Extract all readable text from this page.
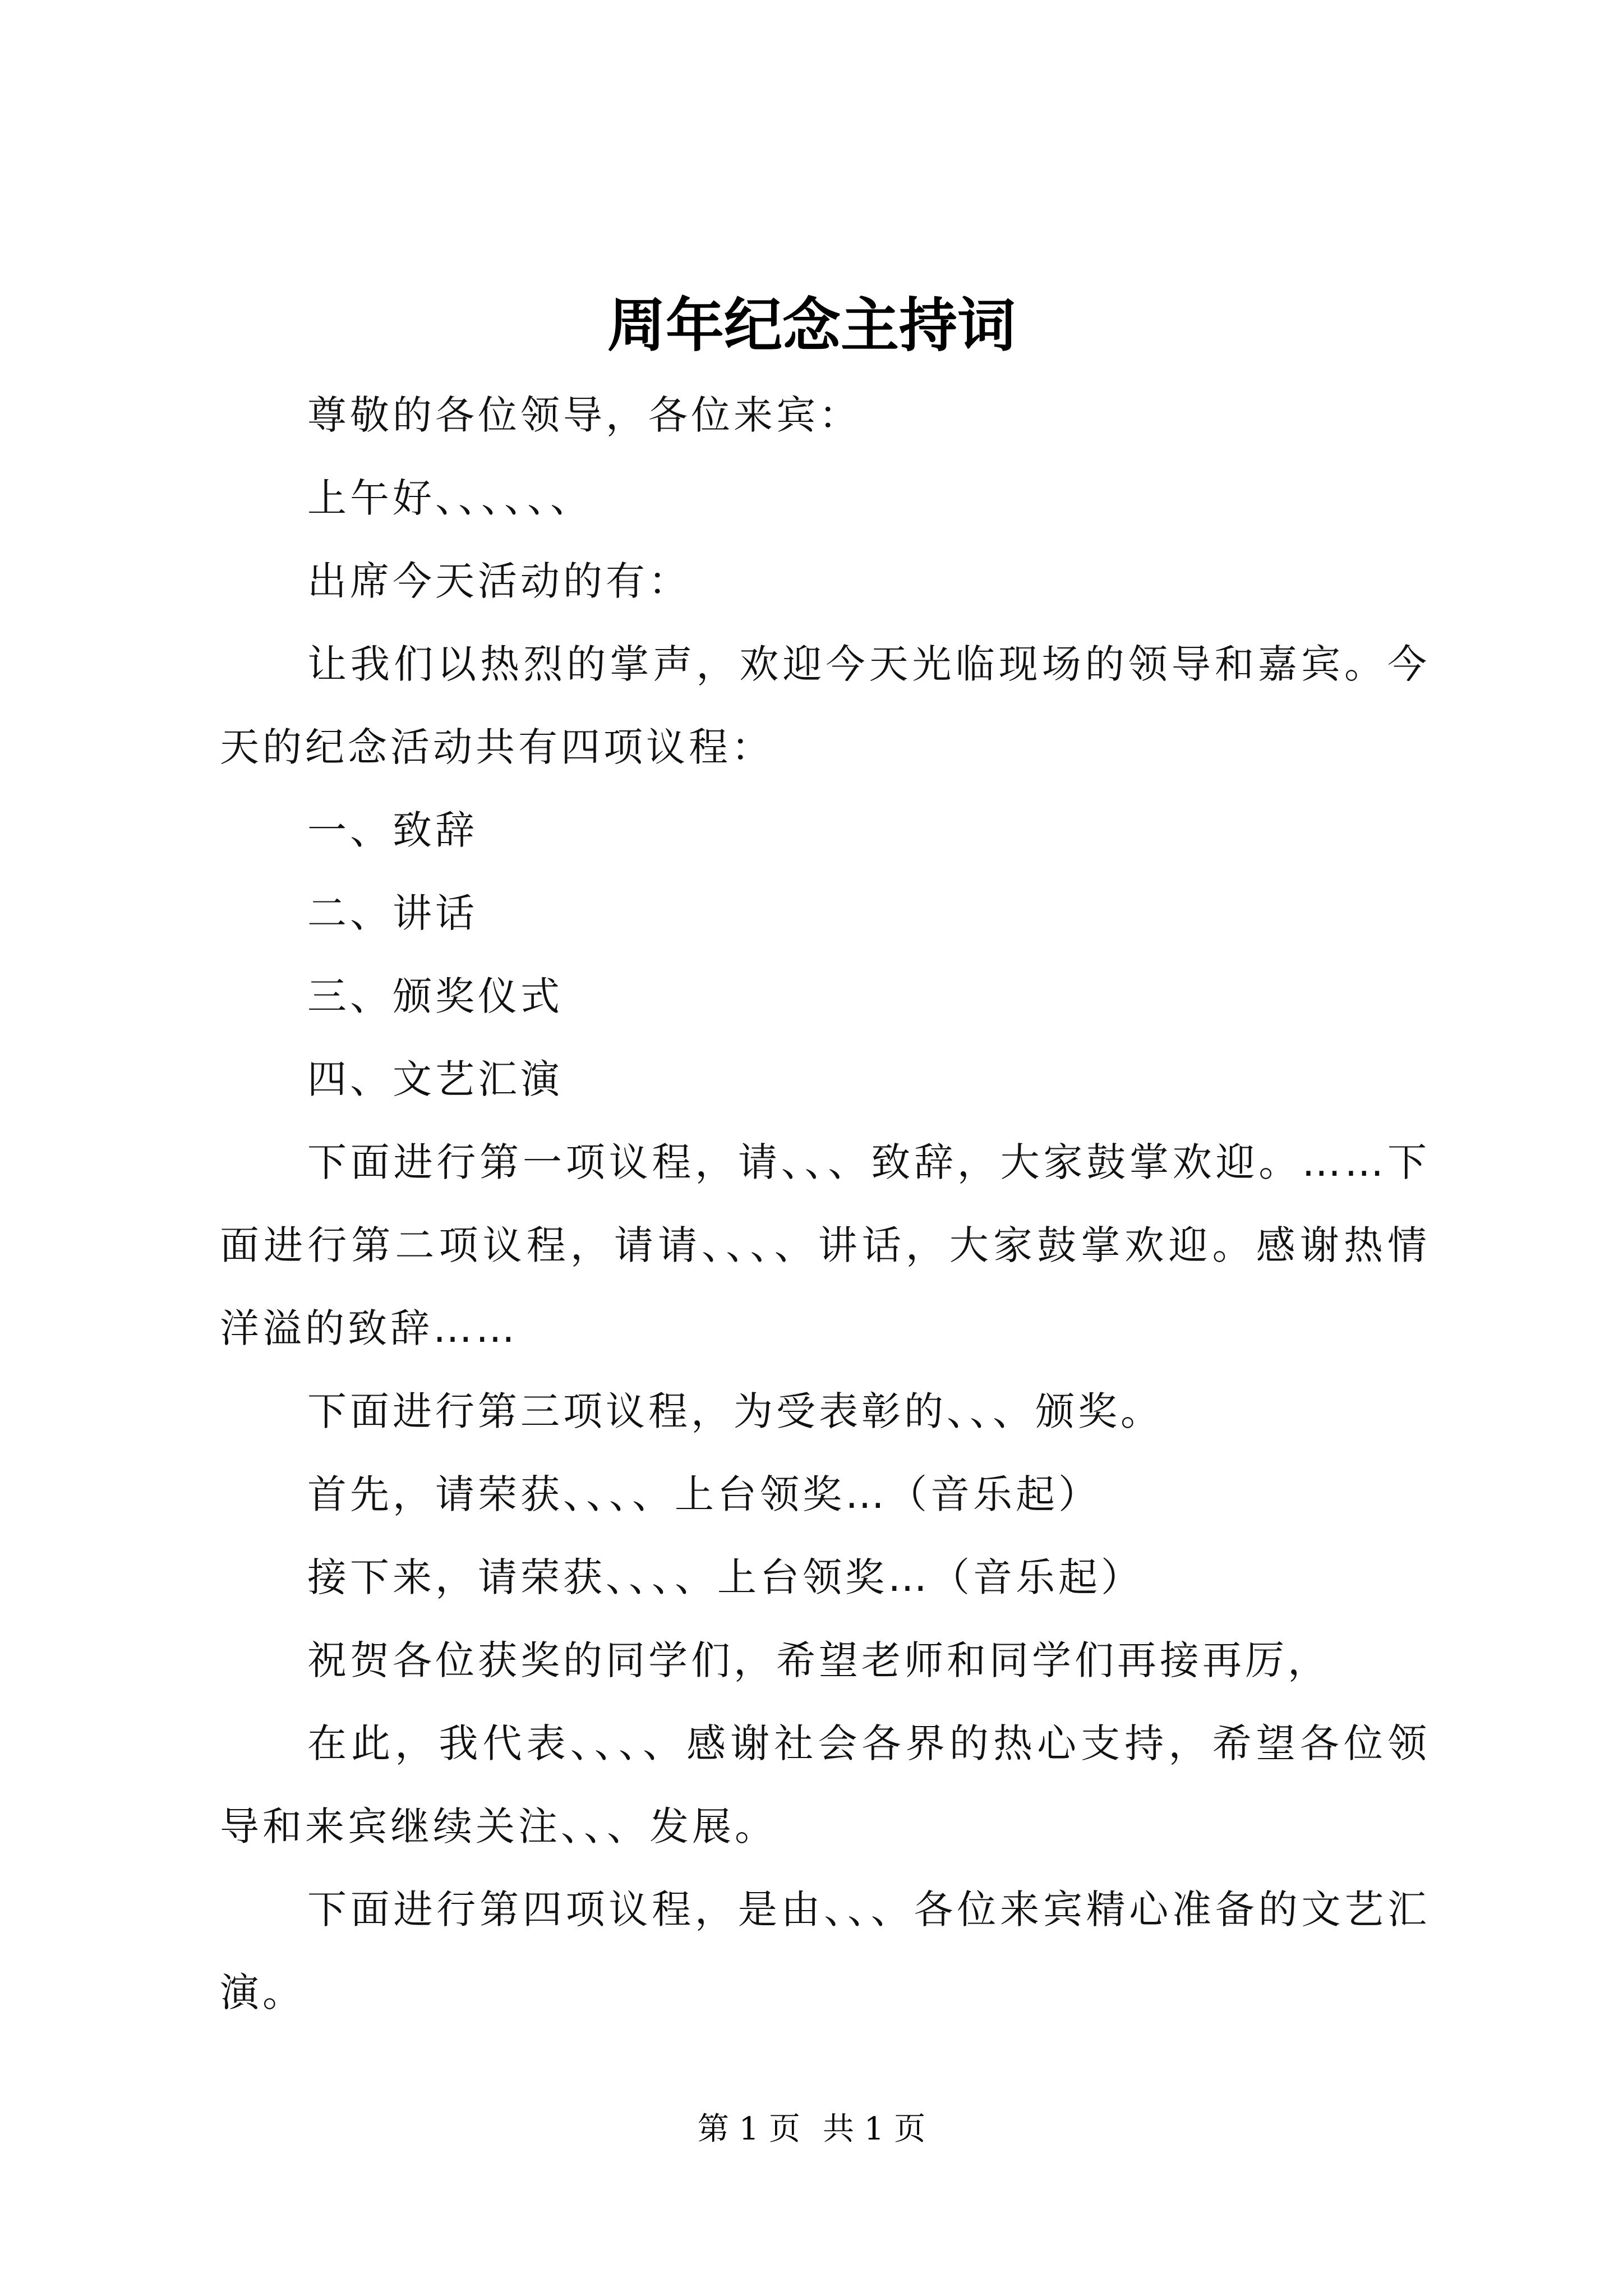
周年纪念主持词

尊敬的各位领导，各位来宾：

上午好、、、、、、

出席今天活动的有：

让我们以热烈的掌声，欢迎今天光临现场的领导和嘉宾。今天的纪念活动共有四项议程：

一、致辞

二、讲话

三、颁奖仪式

四、文艺汇演

下面进行第一项议程，请、、、致辞，大家鼓掌欢迎。……下面进行第二项议程，请请、、、、讲话，大家鼓掌欢迎。感谢热情洋溢的致辞……

下面进行第三项议程，为受表彰的、、、颁奖。

首先，请荣获、、、、上台领奖…（音乐起）

接下来，请荣获、、、、上台领奖…（音乐起）

祝贺各位获奖的同学们，希望老师和同学们再接再厉，

在此，我代表、、、、感谢社会各界的热心支持，希望各位领导和来宾继续关注、、、发展。

下面进行第四项议程，是由、、、各位来宾精心准备的文艺汇演。

第 1 页 共 1 页
